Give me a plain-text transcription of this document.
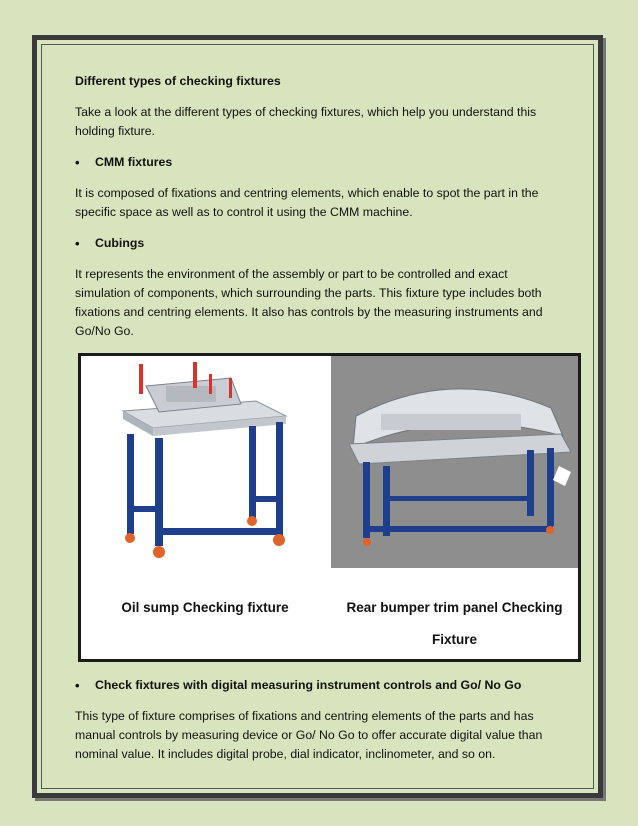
Different types of checking fixtures

Take a look at the different types of checking fixtures, which help you understand this holding fixture.

• CMM fixtures

It is composed of fixations and centring elements, which enable to spot the part in the specific space as well as to control it using the CMM machine.

• Cubings

It represents the environment of the assembly or part to be controlled and exact simulation of components, which surrounding the parts. This fixture type includes both fixations and centring elements. It also has controls by the measuring instruments and Go/No Go.

Oil sump Checking fixture	Rear bumper trim panel Checking
Fixture
• Check fixtures with digital measuring instrument controls and Go/ No Go

This type of fixture comprises of fixations and centring elements of the parts and has manual controls by measuring device or Go/ No Go to offer accurate digital value than nominal value. It includes digital probe, dial indicator, inclinometer, and so on.
